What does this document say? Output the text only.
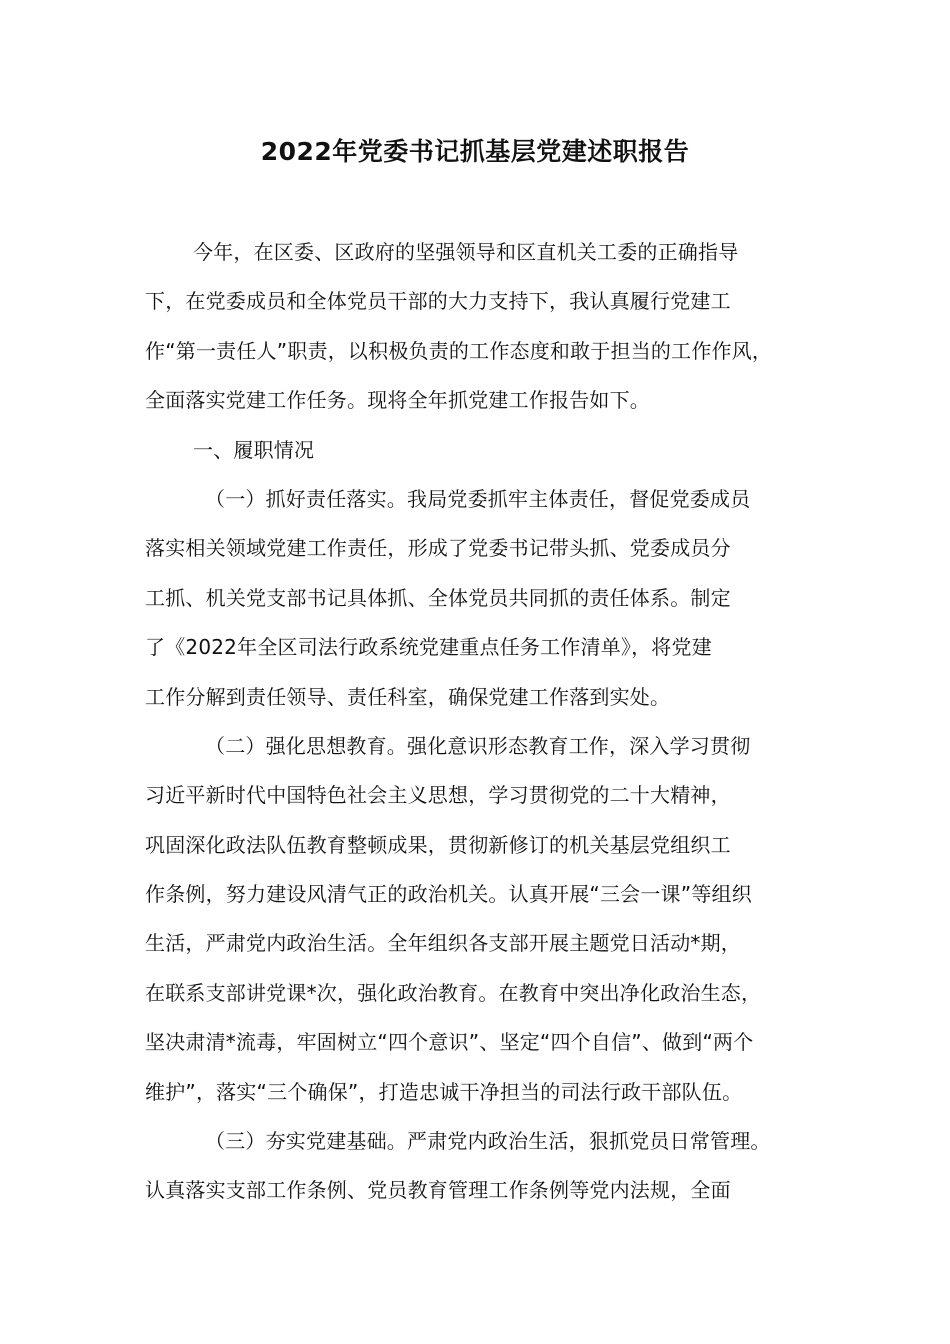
2022年党委书记抓基层党建述职报告
今年，在区委、区政府的坚强领导和区直机关工委的正确指导
下，在党委成员和全体党员干部的大力支持下，我认真履行党建工
作“第一责任人”职责，以积极负责的工作态度和敢于担当的工作作风，
全面落实党建工作任务。现将全年抓党建工作报告如下。
一、履职情况
（一）抓好责任落实。我局党委抓牢主体责任，督促党委成员
落实相关领域党建工作责任，形成了党委书记带头抓、党委成员分
工抓、机关党支部书记具体抓、全体党员共同抓的责任体系。制定
了《2022年全区司法行政系统党建重点任务工作清单》，将党建
工作分解到责任领导、责任科室，确保党建工作落到实处。
（二）强化思想教育。强化意识形态教育工作，深入学习贯彻
习近平新时代中国特色社会主义思想，学习贯彻党的二十大精神，
巩固深化政法队伍教育整顿成果，贯彻新修订的机关基层党组织工
作条例，努力建设风清气正的政治机关。认真开展“三会一课”等组织
生活，严肃党内政治生活。全年组织各支部开展主题党日活动*期，
在联系支部讲党课*次，强化政治教育。在教育中突出净化政治生态，
坚决肃清*流毒，牢固树立“四个意识”、坚定“四个自信”、做到“两个
维护”，落实“三个确保”，打造忠诚干净担当的司法行政干部队伍。
（三）夯实党建基础。严肃党内政治生活，狠抓党员日常管理。
认真落实支部工作条例、党员教育管理工作条例等党内法规，全面
